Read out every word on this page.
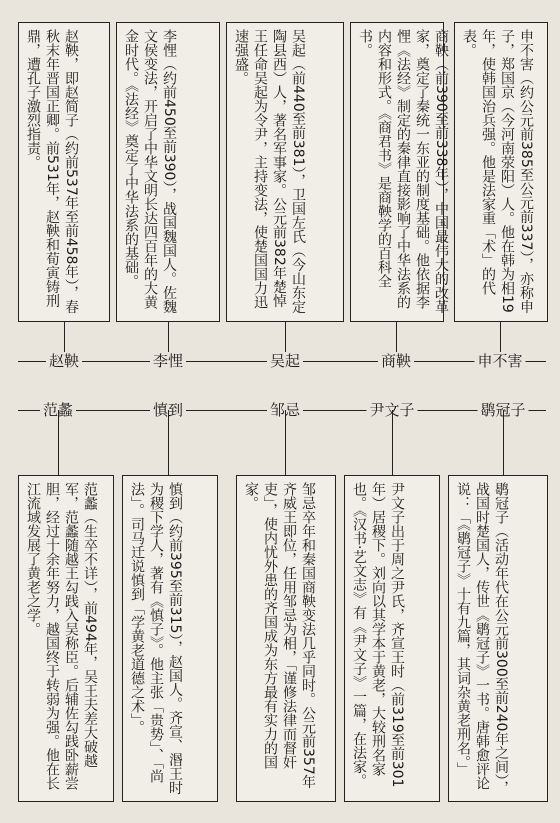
申不害（约公元前385至公元前337），亦称申子，郑国京（今河南荥阳）人。他在韩为相19年，使韩国治兵强。他是法家重「术」的代表。
商鞅（前390至前338年），中国最伟大的改革家，奠定了秦统一东亚的制度基础。他依据李悝《法经》制定的秦律直接影响了中华法系的内容和形式。《商君书》是商鞅学的百科全书。
吴起（前440至前381），卫国左氏（今山东定陶县西）人，著名军事家。公元前382年楚悼王任命吴起为令尹，主持变法，使楚国国力迅速强盛。
李悝（约前450至前390），战国魏国人。佐魏文侯变法，开启了中华文明长达四百年的大黄金时代。《法经》奠定了中华法系的基础。
赵鞅，即赵简子（约前537年至前458年），春秋末年晋国正卿。前531年，赵鞅和荀寅铸刑鼎，遭孔子激烈指责。
申不害
商鞅
吴起
李悝
赵鞅
鹖冠子
尹文子
邹忌
慎到
范蠡
鹖冠子（活动年代在公元前300至前240年之间），战国时楚国人，传世《鹖冠子》一书。唐韩愈评论说：「《鹖冠子》十有九篇，其词杂黄老刑名。」
尹文子出于周之尹氏，齐宣王时（前319至前301年）居稷下。刘向以其学本于黄老，大较刑名家也。《汉书·艺文志》有《尹文子》一篇，在法家。
邹忌卒年和秦国商鞅变法几乎同时。公元前357年齐威王即位，任用邹忌为相，「谨修法律而督奸吏」，使内忧外患的齐国成为东方最有实力的国家。
慎到（约前395至前315），赵国人。齐宣、湣王时为稷下学人，著有《慎子》。他主张「贵势」、「尚法」。司马迁说慎到「学黄老道德之术」。
范蠡（生卒不详），前494年，吴王夫差大破越军，范蠡随越王勾践入吴称臣。后辅佐勾践卧薪尝胆，经过十余年努力，越国终于转弱为强。他在长江流域发展了黄老之学。
